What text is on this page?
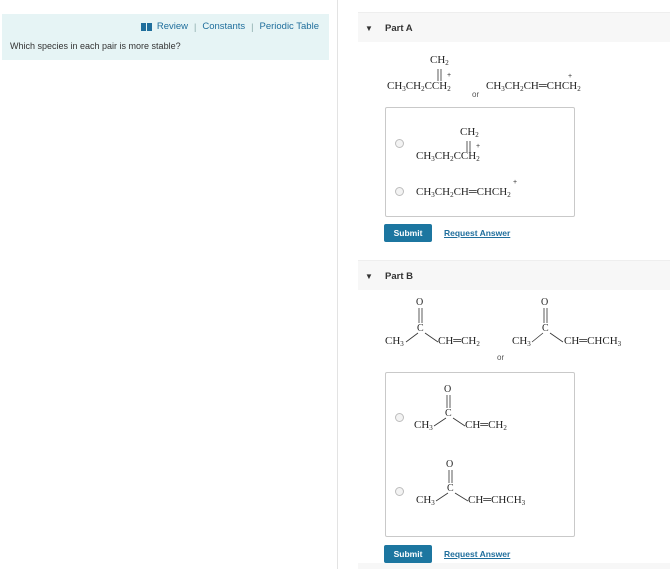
Review | Constants | Periodic Table
Which species in each pair is more stable?
▼ Part A
▼ Part B
$CH_2$
+
$CH_3CH_2CCH_2$
or
$CH_3CH_2CH═CHCH_2$
+
$CH_2$
+
$CH_3CH_2CCH_2$
$CH_3CH_2CH═CHCH_2$
+
Submit	Request Answer
O
C
$CH_3$	$CH═CH_2$	$CH_3$
O
C
$CH═CHCH_3$
or
O
C
$CH_3$	$CH═CH_2$
O
C
$CH_3$	$CH═CHCH_3$
Submit	Request Answer
